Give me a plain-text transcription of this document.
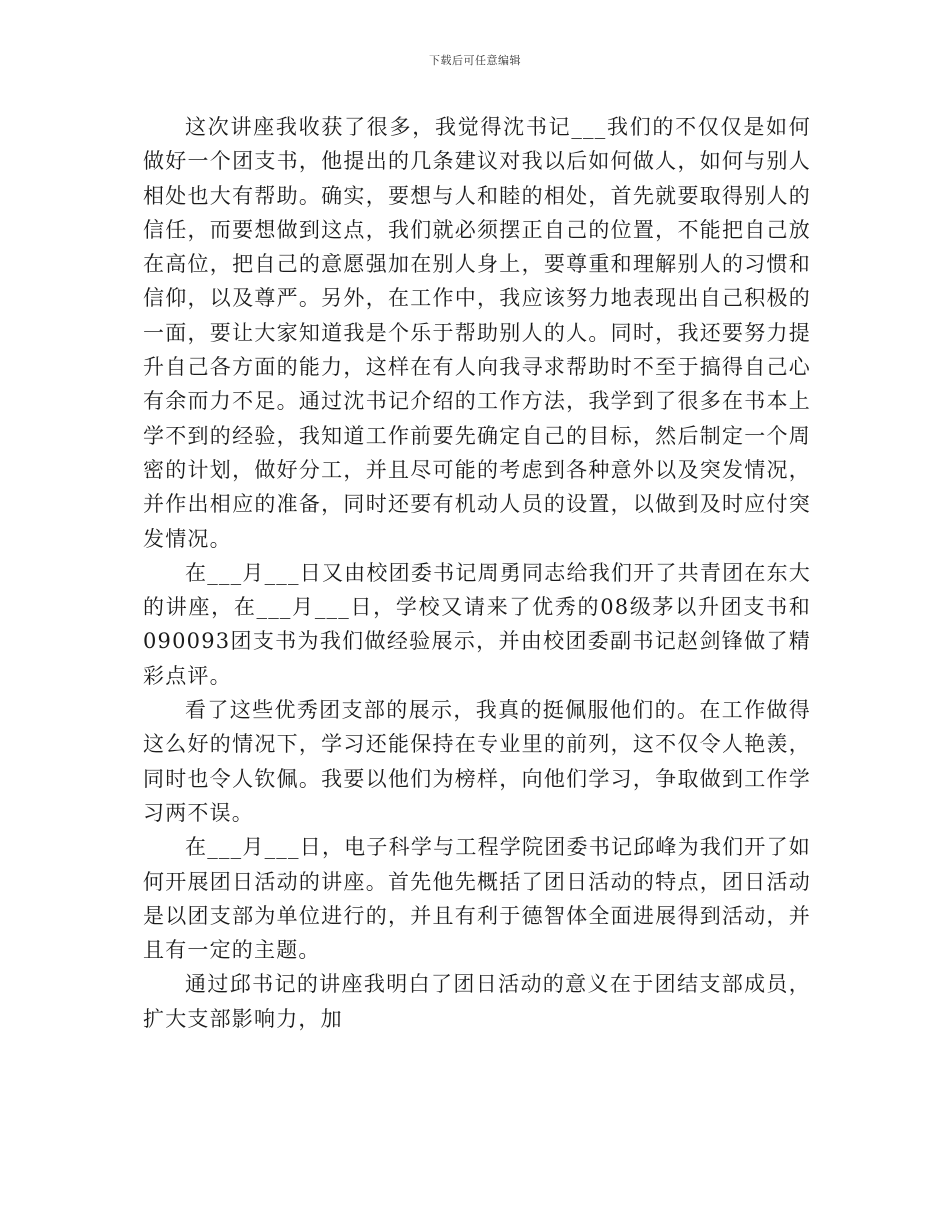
下载后可任意编辑

这次讲座我收获了很多，我觉得沈书记___我们的不仅仅是如何做好一个团支书，他提出的几条建议对我以后如何做人，如何与别人相处也大有帮助。确实，要想与人和睦的相处，首先就要取得别人的信任，而要想做到这点，我们就必须摆正自己的位置，不能把自己放在高位，把自己的意愿强加在别人身上，要尊重和理解别人的习惯和信仰，以及尊严。另外，在工作中，我应该努力地表现出自己积极的一面，要让大家知道我是个乐于帮助别人的人。同时，我还要努力提升自己各方面的能力，这样在有人向我寻求帮助时不至于搞得自己心有余而力不足。通过沈书记介绍的工作方法，我学到了很多在书本上学不到的经验，我知道工作前要先确定自己的目标，然后制定一个周密的计划，做好分工，并且尽可能的考虑到各种意外以及突发情况，并作出相应的准备，同时还要有机动人员的设置，以做到及时应付突发情况。

在___月___日又由校团委书记周勇同志给我们开了共青团在东大的讲座，在___月___日，学校又请来了优秀的08级茅以升团支书和090093团支书为我们做经验展示，并由校团委副书记赵剑锋做了精彩点评。

看了这些优秀团支部的展示，我真的挺佩服他们的。在工作做得这么好的情况下，学习还能保持在专业里的前列，这不仅令人艳羡，同时也令人钦佩。我要以他们为榜样，向他们学习，争取做到工作学习两不误。

在___月___日，电子科学与工程学院团委书记邱峰为我们开了如何开展团日活动的讲座。首先他先概括了团日活动的特点，团日活动是以团支部为单位进行的，并且有利于德智体全面进展得到活动，并且有一定的主题。

通过邱书记的讲座我明白了团日活动的意义在于团结支部成员，扩大支部影响力，加
